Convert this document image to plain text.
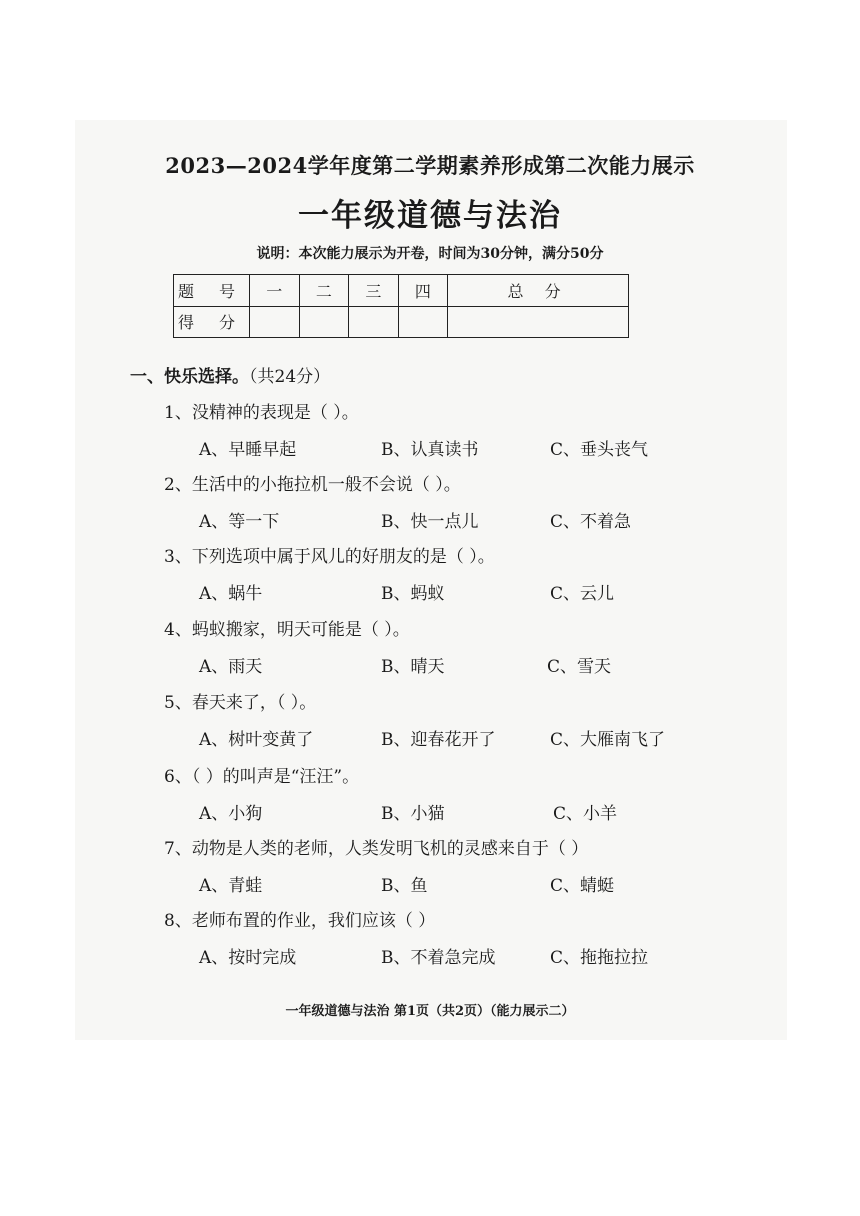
2023—2024学年度第二学期素养形成第二次能力展示
一年级道德与法治
说明：本次能力展示为开卷，时间为30分钟，满分50分
题 号	一	二	三	四	总 分
得 分					
一、快乐选择。（共24分）
1、没精神的表现是（ ）。
A、早睡早起	B、认真读书	C、垂头丧气
2、生活中的小拖拉机一般不会说（ ）。
A、等一下	B、快一点儿	C、不着急
3、下列选项中属于风儿的好朋友的是（ ）。
A、蜗牛	B、蚂蚁	C、云儿
4、蚂蚁搬家，明天可能是（ ）。
A、雨天	B、晴天	C、雪天
5、春天来了，（ ）。
A、树叶变黄了	B、迎春花开了	C、大雁南飞了
6、（ ）的叫声是“汪汪”。
A、小狗	B、小猫	C、小羊
7、动物是人类的老师，人类发明飞机的灵感来自于（ ）
A、青蛙	B、鱼	C、蜻蜓
8、老师布置的作业，我们应该（ ）
A、按时完成	B、不着急完成	C、拖拖拉拉
一年级道德与法治 第1页（共2页）（能力展示二）
